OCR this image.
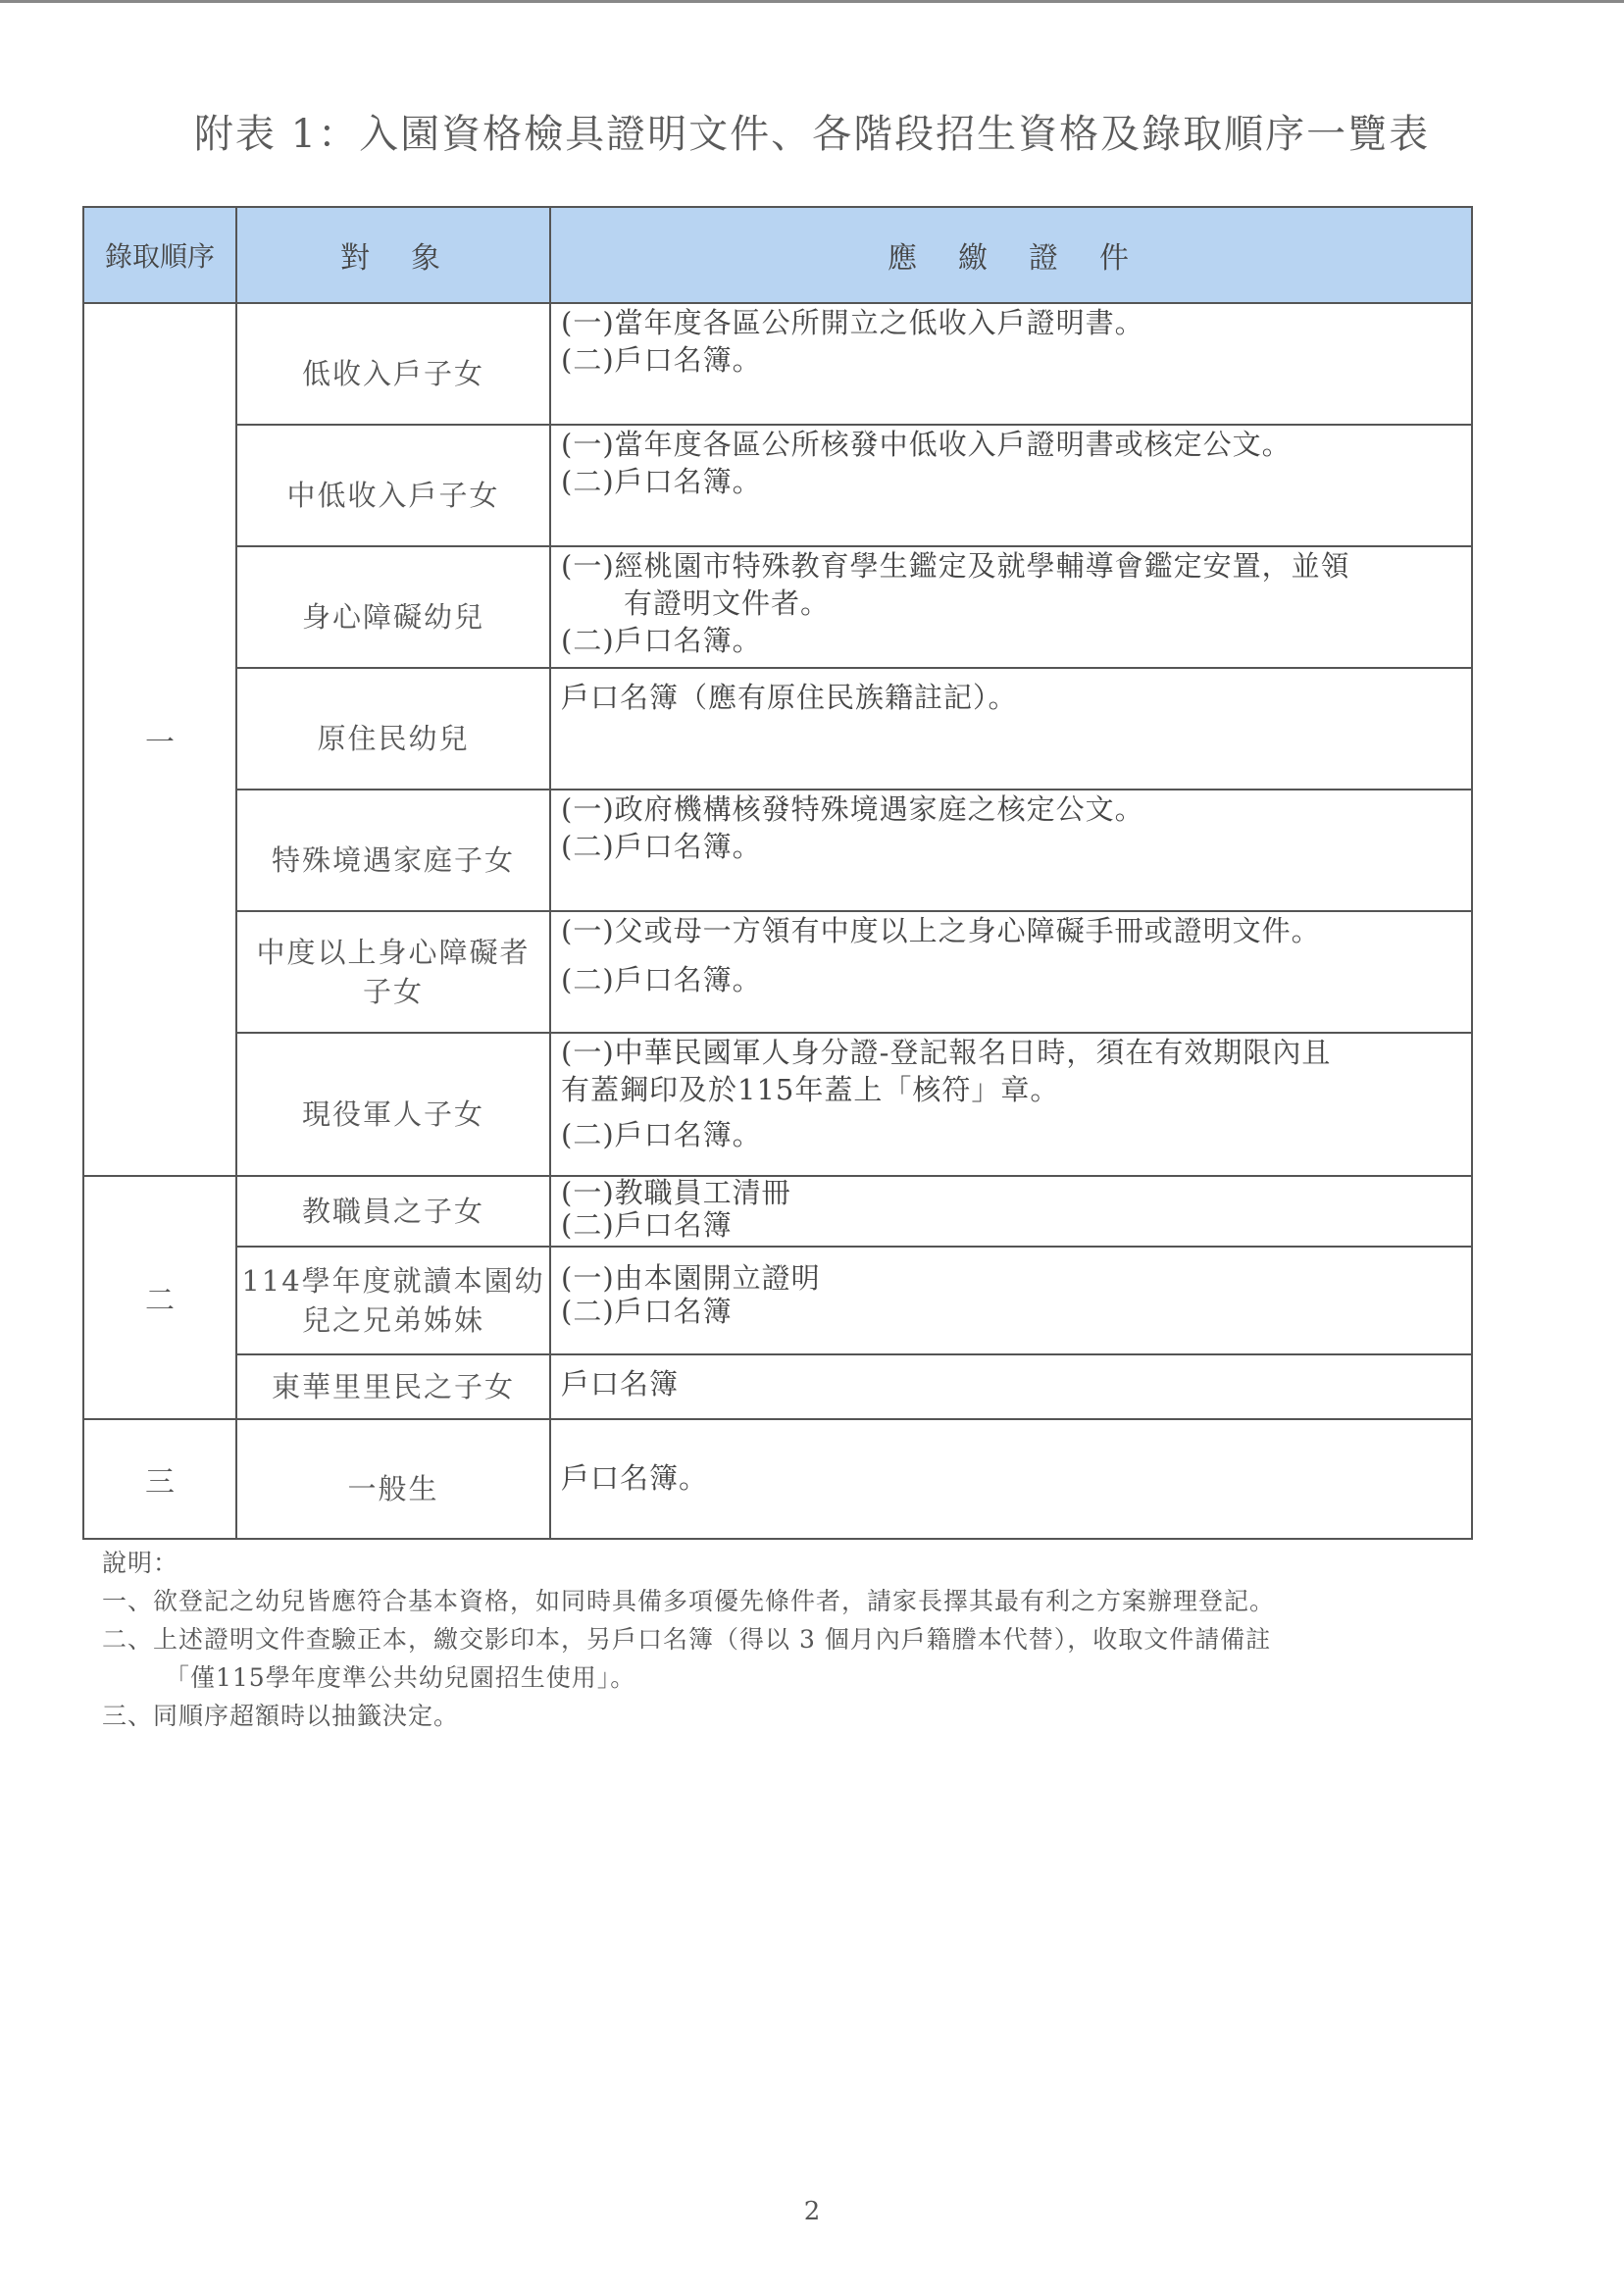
附表 1：入園資格檢具證明文件、各階段招生資格及錄取順序一覽表
錄取順序	對　象	應　繳　證　件
一	低收入戶子女	(一)當年度各區公所開立之低收入戶證明書。
(二)戶口名簿。

	中低收入戶子女	(一)當年度各區公所核發中低收入戶證明書或核定公文。
(二)戶口名簿。

	身心障礙幼兒	(一)經桃園市特殊教育學生鑑定及就學輔導會鑑定安置，並領
有證明文件者。
(二)戶口名簿。

	原住民幼兒	戶口名簿（應有原住民族籍註記）。

	特殊境遇家庭子女	(一)政府機構核發特殊境遇家庭之核定公文。
(二)戶口名簿。

	中度以上身心障礙者
子女	(一)父或母一方領有中度以上之身心障礙手冊或證明文件。
(二)戶口名簿。

	現役軍人子女	(一)中華民國軍人身分證-登記報名日時，須在有效期限內且
有蓋鋼印及於115年蓋上「核符」章。
(二)戶口名簿。

二	教職員之子女	(一)教職員工清冊
(二)戶口名簿

	114學年度就讀本園幼
兒之兄弟姊妹	(一)由本園開立證明
(二)戶口名簿

	東華里里民之子女	戶口名簿

三	一般生	戶口名簿。
說明：
一、欲登記之幼兒皆應符合基本資格，如同時具備多項優先條件者，請家長擇其最有利之方案辦理登記。
二、上述證明文件查驗正本，繳交影印本，另戶口名簿（得以 3 個月內戶籍謄本代替），收取文件請備註
「僅115學年度準公共幼兒園招生使用」。
三、同順序超額時以抽籤決定。
2
